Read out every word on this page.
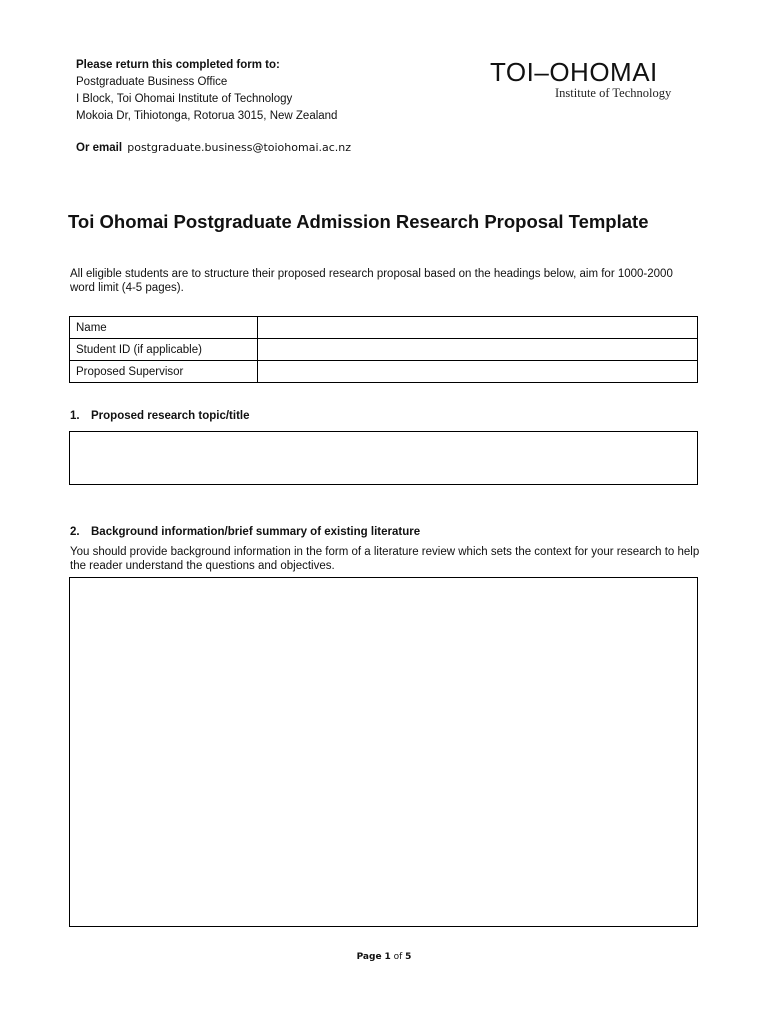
Please return this completed form to:
Postgraduate Business Office
I Block, Toi Ohomai Institute of Technology
Mokoia Dr, Tihiotonga, Rotorua 3015, New Zealand
Or email postgraduate.business@toiohomai.ac.nz
TOI–OHOMAI
Institute of Technology
Toi Ohomai Postgraduate Admission Research Proposal Template
All eligible students are to structure their proposed research proposal based on the headings below, aim for 1000-2000 word limit (4-5 pages).
Name	
Student ID (if applicable)	
Proposed Supervisor	
1. Proposed research topic/title
2. Background information/brief summary of existing literature
You should provide background information in the form of a literature review which sets the context for your research to help the reader understand the questions and objectives.
Page 1 of 5
